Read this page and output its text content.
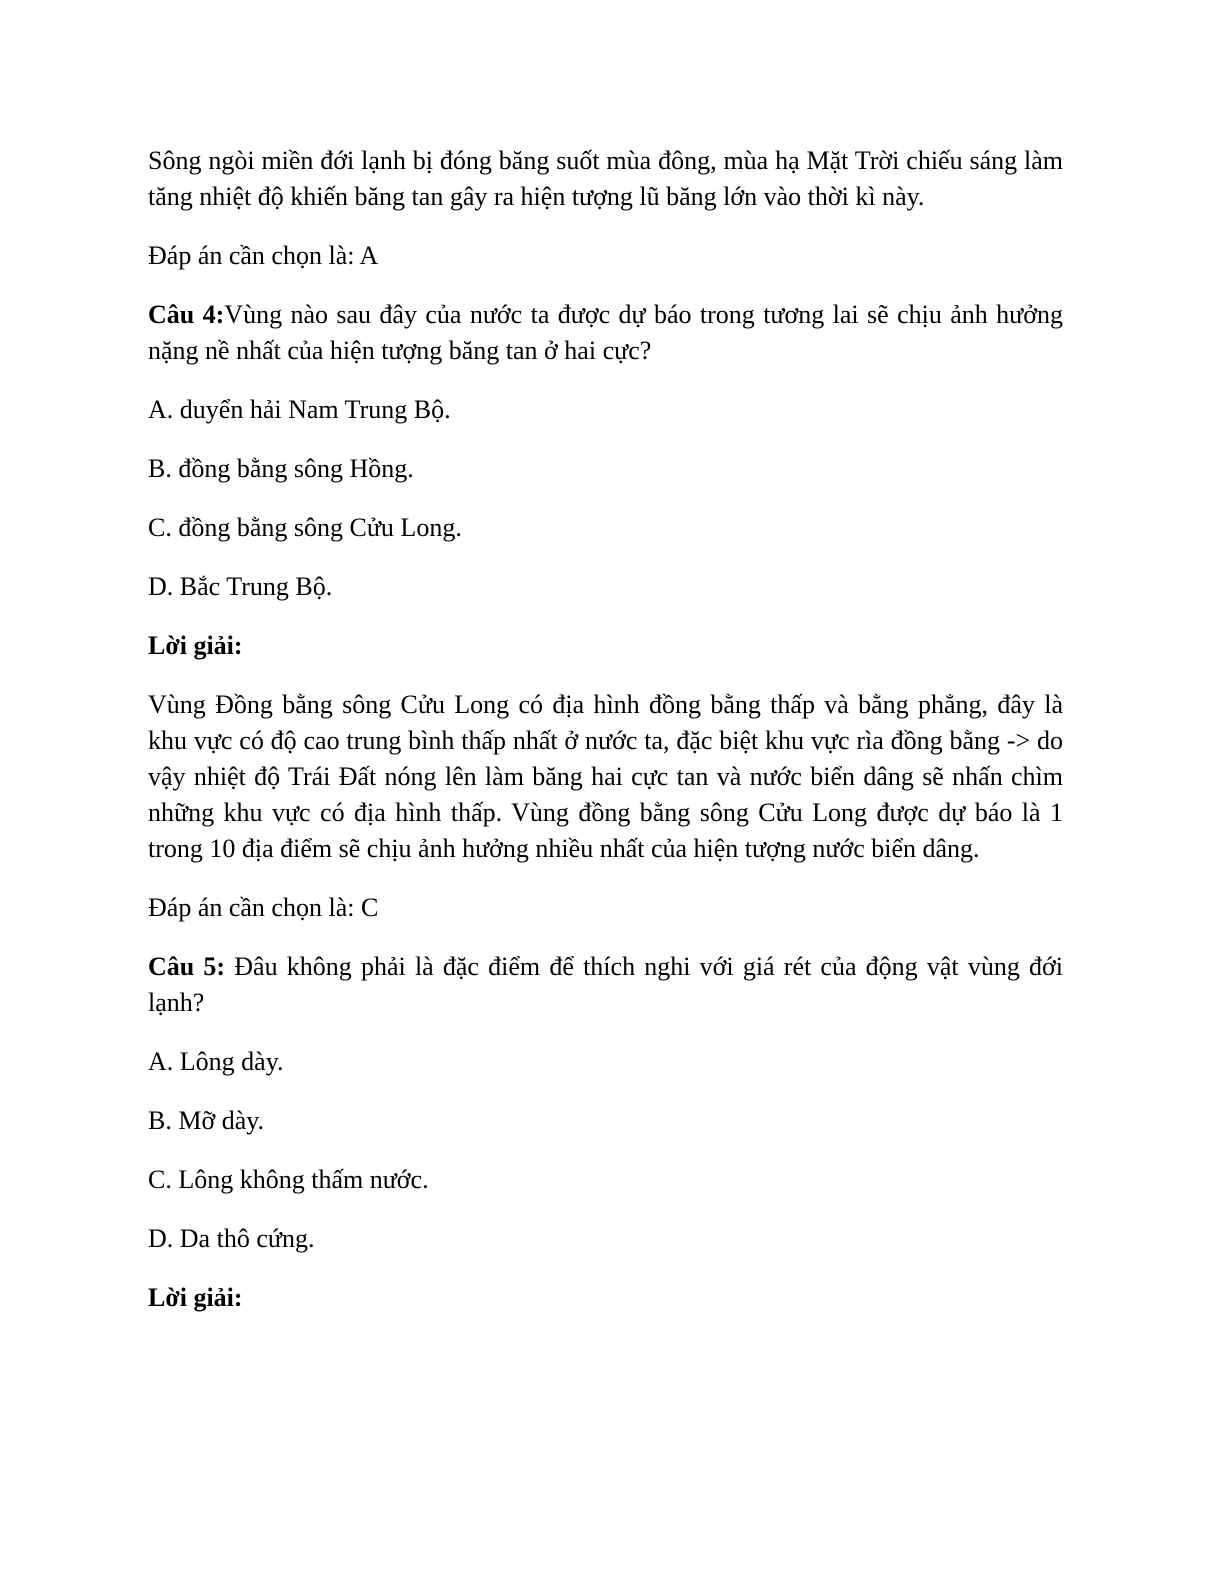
Sông ngòi miền đới lạnh bị đóng băng suốt mùa đông, mùa hạ Mặt Trời chiếu sáng làm tăng nhiệt độ khiến băng tan gây ra hiện tượng lũ băng lớn vào thời kì này.

Đáp án cần chọn là: A

Câu 4:Vùng nào sau đây của nước ta được dự báo trong tương lai sẽ chịu ảnh hưởng nặng nề nhất của hiện tượng băng tan ở hai cực?

A. duyển hải Nam Trung Bộ.

B. đồng bằng sông Hồng.

C. đồng bằng sông Cửu Long.

D. Bắc Trung Bộ.

Lời giải:

Vùng Đồng bằng sông Cửu Long có địa hình đồng bằng thấp và bằng phẳng, đây là khu vực có độ cao trung bình thấp nhất ở nước ta, đặc biệt khu vực rìa đồng bằng -> do vậy nhiệt độ Trái Đất nóng lên làm băng hai cực tan và nước biển dâng sẽ nhấn chìm những khu vực có địa hình thấp. Vùng đồng bằng sông Cửu Long được dự báo là 1 trong 10 địa điểm sẽ chịu ảnh hưởng nhiều nhất của hiện tượng nước biển dâng.

Đáp án cần chọn là: C

Câu 5: Đâu không phải là đặc điểm để thích nghi với giá rét của động vật vùng đới lạnh?

A. Lông dày.

B. Mỡ dày.

C. Lông không thấm nước.

D. Da thô cứng.

Lời giải:
